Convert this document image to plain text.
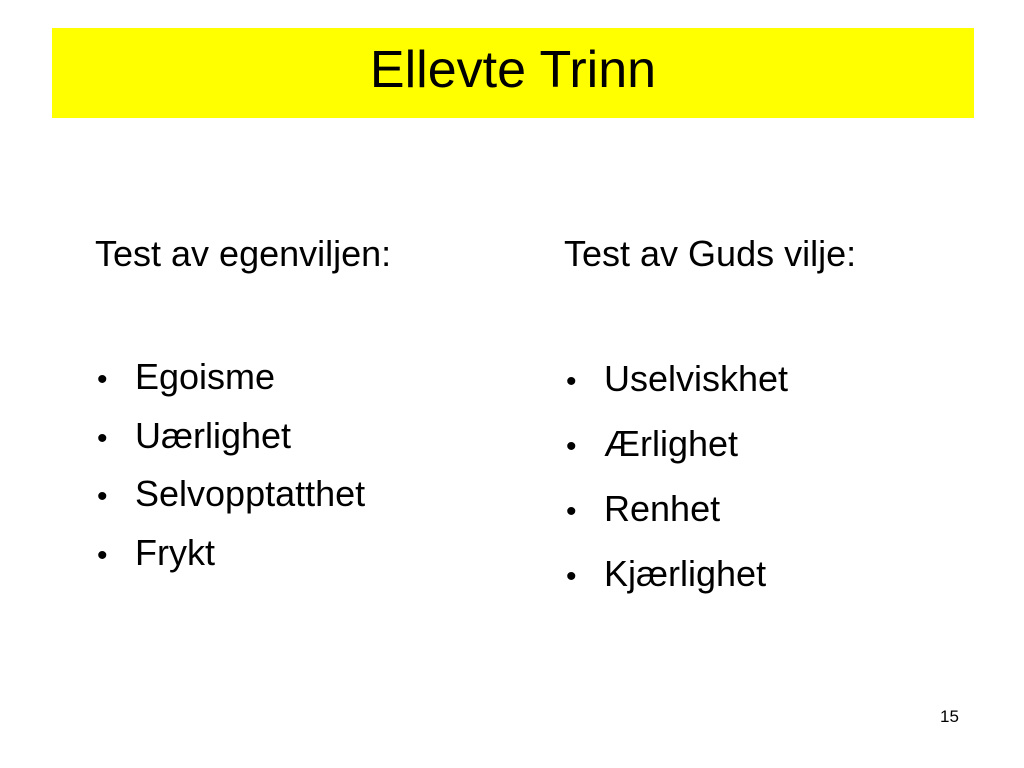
Ellevte Trinn
Test av egenviljen:
• Egoisme
• Uærlighet
• Selvopptatthet
• Frykt
Test av Guds vilje:
• Uselviskhet
• Ærlighet
• Renhet
• Kjærlighet
15
